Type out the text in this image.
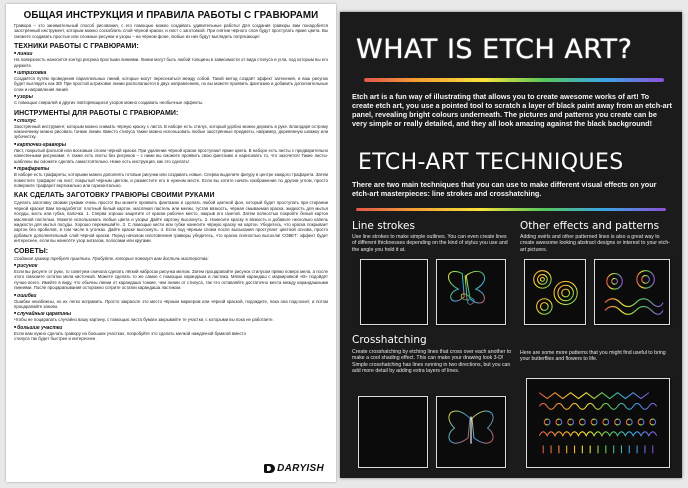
ОБЩАЯ ИНСТРУКЦИЯ И ПРАВИЛА РАБОТЫ С ГРАВЮРАМИ
Гравюра – это занимательный способ рисования, с его помощью можно создавать удивительные работы! Для создания гравюры вам понадобится заострённый инструмент, которым можно соскоблить слой чёрной краски, и лист с заготовкой. При снятии чёрного слоя будут проступать яркие цвета. Вы сможете создавать простые или сложные рисунки и узоры – на чёрном фоне, любые из них будут выглядеть потрясающе!
ТЕХНИКИ РАБОТЫ С ГРАВЮРАМИ:
■ линии
На поверхность наносится контур рисунка простыми линиями. Линии могут быть любой толщины в зависимости от вида стилуса и угла, под которым вы его держите.
■ штриховка
Создаётся путём проведения параллельных линий, которые могут пересекаться между собой. Такой метод создаёт эффект затенения, и ваш рисунок будет выглядеть как 3D! При простой штриховке линии располагаются в двух направлениях, но вы можете проявить фантазию и добавить дополнительные слои и направления линий.
■ узоры
С помощью спиралей и других повторяющихся узоров можно создавать необычные эффекты.
ИНСТРУМЕНТЫ ДЛЯ РАБОТЫ С ГРАВЮРАМИ:
■ стилус
Заострённый инструмент, которым можно снимать чёрную краску с листа. В наборе есть стилус, который удобно можно держать в руке. Благодаря острому наконечнику можно рисовать тонкие линии. Вместо стилуса также можно использовать любые заострённые предметы, например, деревянную шпажку или зубочистку.
■ карточки-гравюры
Лист, покрытый фольгой или восковым слоем чёрной краски. При удалении чёрной краски проступают яркие цвета. В наборе есть листы с предварительно нанесёнными рисунками. А также есть листы без рисунков – с ними вы сможете проявить свою фантазию и нарисовать то, что захочется! Такие листы-шаблоны вы сможете сделать самостоятельно. Ниже есть инструкция, как это сделать!
■ трафареты
В наборе есть трафареты, которыми можно дополнять готовые рисунки или создавать новые. Сперва выделите фигуру в центре каждого трафарета. Затем поместите трафарет на лист, покрытый чёрным цветом, и разместите его в нужном месте. Если вы хотите начать изображение по другим углом, просто поверните трафарет вертикально или горизонтально.
КАК СДЕЛАТЬ ЗАГОТОВКУ ГРАВЮРЫ СВОИМИ РУКАМИ
Сделать заготовку своими руками очень просто! Вы можете проявить фантазию и сделать любой цветной фон, который будет проступать при стирании чёрной краски! Вам понадобятся: плотный белый картон, масляная пастель или мелки, густая вязкость, чёрная смываемая краска, жидкость для мытья посуды, кисть или губка, палочка. 1. Сперва хорошо защитите от краски рабочее место, накрыв его газетой. Затем полностью покройте белый картон масляной пастелью. Можете использовать любые цвета и узоры! Дайте картону высохнуть. 2. Нанесите краску в вязкость и добавьте несколько капель жидкости для мытья посуды. Хорошо перемешайте. 3. С помощью кисти или губки нанесите чёрную краску на картон. Убедитесь, что краска покрывает картон без пробелов, в том числе в уголках. Дайте краске высохнуть. 4. Если под чёрным слоем после высыхания проступает цветной основа, просто добавьте дополнительный слой чёрной краски. Перед началом изготовления гравюры убедитесь, что краска полностью высохла! СОВЕТ: эффект будет интереснее, если вы нанесёте узор зигзагом, полосами или кругами.
СОВЕТЫ:
Создание гравюр требует практики. Пробуйте, которые помогут вам достичь мастерства:
■ рисунок
Если вы рисуете от руки, то советуем сначала сделать лёгкий набросок рисунка мелом. Затем процарапайте рисунок стилусом прямо поверх мела, а после этого смахните остатки мела кисточкой. Можете сделать то же самое с помощью карандаша и ластика. Мягкий карандаш с маркировкой «В» подойдёт лучше всего. Имейте в виду, что обычны линии от карандаша тонкие, чем линии от стилуса, так что оставляйте достаточно места между карандашными линиями. После процарапывания осторожно сотрите остатки карандаша ластиком.
■ ошибки
Ошибки неизбежны, но их легко исправить. Просто закрасьте это место чёрным маркером или чёрной краской, подождите, пока она подсохнет, и потом процарапайте заново.
■ случайные царапины
Чтобы не поцарапать случайно вашу картину, с помощью листа бумаги закрывайте те участки, с которыми вы пока не работаете.
■ большие участки
Если вам нужно сделать гравюру на больших участках, попробуйте это сделать мелкой наждачной бумагой вместо стилуса так будет быстрее и интереснее.
DARYISH
WHAT IS ETCH ART?
Etch art is a fun way of illustrating that allows you to create awesome works of art! To create etch art, you use a pointed tool to scratch a layer of black paint away from an etch-art panel, revealing bright colours underneath. The pictures and patterns you create can be very simple or really detailed, and they all look amazing against the black background!
ETCH-ART TECHNIQUES
There are two main techniques that you can use to make different visual effects on your etch-art masterpieces: line strokes and crosshatching.
Line strokes
Use line strokes to make simple outlines. You can even create lines of different thicknesses depending on the kind of stylus you use and the angle you hold it at.
Other effects and patterns
Adding swirls and other patterned lines is also a great way to create awesome looking abstract designs or interest to your etch-art pictures.
Crosshatching
Create crosshatching by etching lines that cross over each another to make a cool shading effect. This can make your drawing look 3-D! Simple crosshatching has lines running in two directions, but you can add more detail by adding extra layers of lines.
Here are some more patterns that you might find useful to bring your butterflies and flowers to life.
